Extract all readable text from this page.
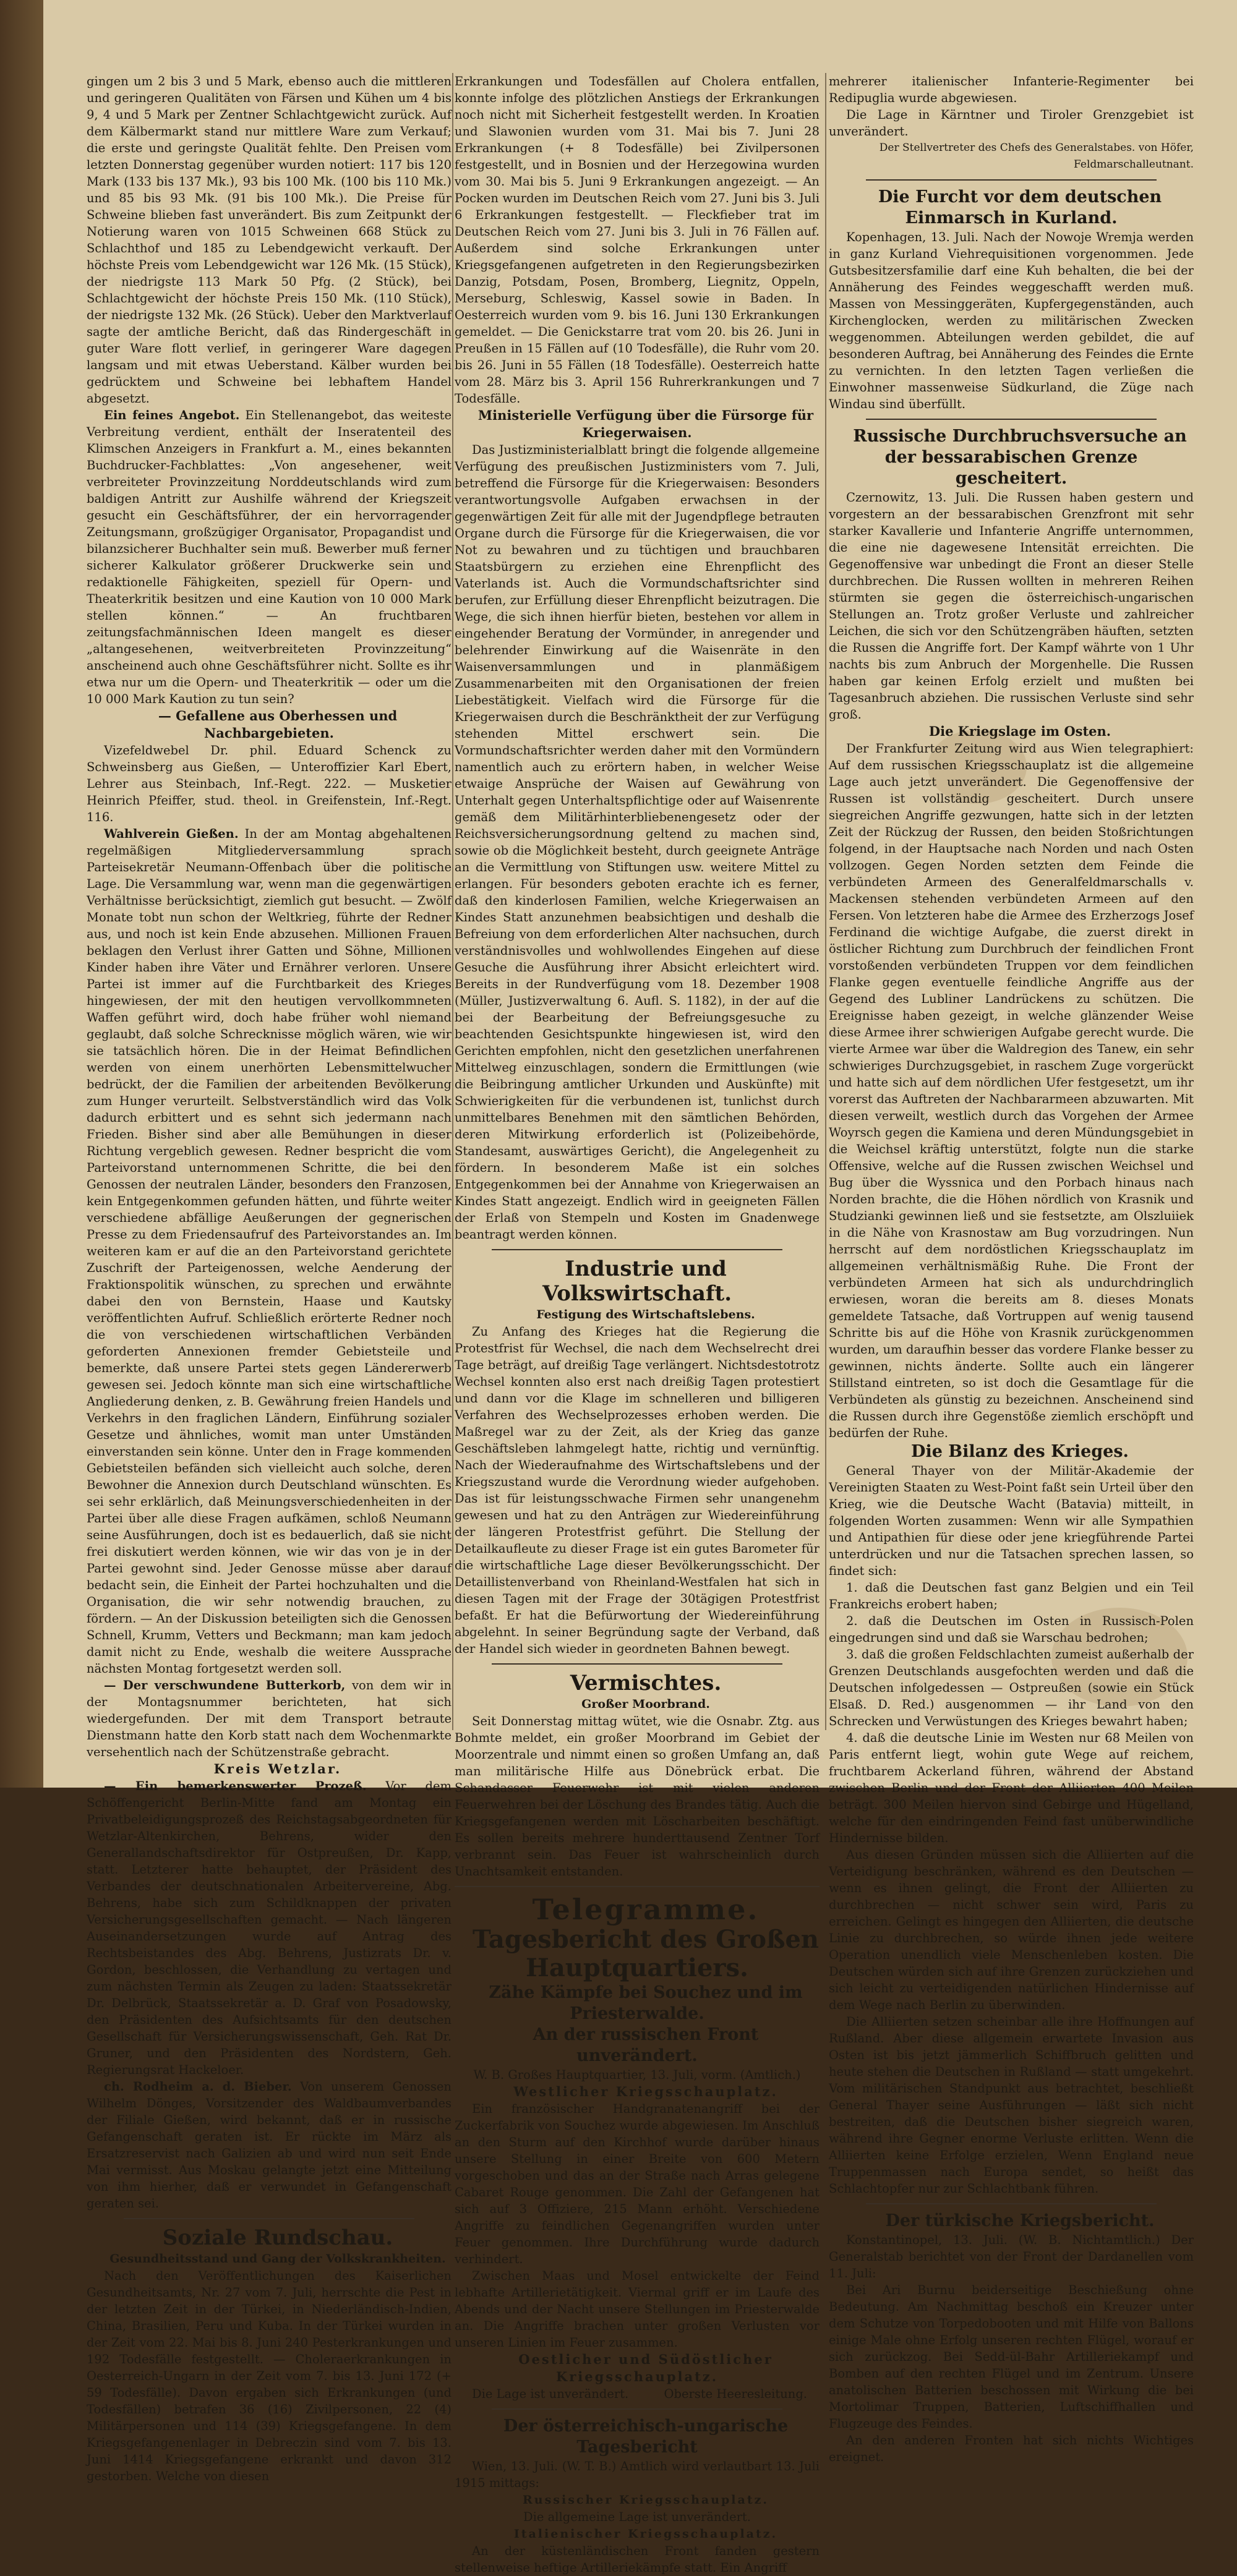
gingen um 2 bis 3 und 5 Mark, ebenso auch die mittleren und geringeren Qualitäten von Färsen und Kühen um 4 bis 9, 4 und 5 Mark per Zentner Schlachtgewicht zurück. Auf dem Kälbermarkt stand nur mittlere Ware zum Verkauf; die erste und geringste Qualität fehlte. Den Preisen vom letzten Donnerstag gegenüber wurden notiert: 117 bis 120 Mark (133 bis 137 Mk.), 93 bis 100 Mk. (100 bis 110 Mk.) und 85 bis 93 Mk. (91 bis 100 Mk.). Die Preise für Schweine blieben fast unverändert. Bis zum Zeitpunkt der Notierung waren von 1015 Schweinen 668 Stück zu Schlachthof und 185 zu Lebendgewicht verkauft. Der höchste Preis vom Lebendgewicht war 126 Mk. (15 Stück), der niedrigste 113 Mark 50 Pfg. (2 Stück), bei Schlachtgewicht der höchste Preis 150 Mk. (110 Stück), der niedrigste 132 Mk. (26 Stück). Ueber den Marktverlauf sagte der amtliche Bericht, daß das Rindergeschäft in guter Ware flott verlief, in geringerer Ware dagegen langsam und mit etwas Ueberstand. Kälber wurden bei gedrücktem und Schweine bei lebhaftem Handel abgesetzt.

Ein feines Angebot. Ein Stellenangebot, das weiteste Verbreitung verdient, enthält der Inseratenteil des Klimschen Anzeigers in Frankfurt a. M., eines bekannten Buchdrucker-Fachblattes: „Von angesehener, weit verbreiteter Provinzzeitung Norddeutschlands wird zum baldigen Antritt zur Aushilfe während der Kriegszeit gesucht ein Geschäftsführer, der ein hervorragender Zeitungsmann, großzügiger Organisator, Propagandist und bilanzsicherer Buchhalter sein muß. Bewerber muß ferner sicherer Kalkulator größerer Druckwerke sein und redaktionelle Fähigkeiten, speziell für Opern- und Theaterkritik besitzen und eine Kaution von 10 000 Mark stellen können.“ — An fruchtbaren zeitungsfachmännischen Ideen mangelt es dieser „altangesehenen, weitverbreiteten Provinzzeitung“ anscheinend auch ohne Geschäftsführer nicht. Sollte es ihr etwa nur um die Opern- und Theaterkritik — oder um die 10 000 Mark Kaution zu tun sein?

— Gefallene aus Oberhessen und Nachbargebieten.

Vizefeldwebel Dr. phil. Eduard Schenck zu Schweinsberg aus Gießen, — Unteroffizier Karl Ebert, Lehrer aus Steinbach, Inf.-Regt. 222. — Musketier Heinrich Pfeiffer, stud. theol. in Greifenstein, Inf.-Regt. 116.

Wahlverein Gießen. In der am Montag abgehaltenen regelmäßigen Mitgliederversammlung sprach Parteisekretär Neumann-Offenbach über die politische Lage. Die Versammlung war, wenn man die gegenwärtigen Verhältnisse berücksichtigt, ziemlich gut besucht. — Zwölf Monate tobt nun schon der Weltkrieg, führte der Redner aus, und noch ist kein Ende abzusehen. Millionen Frauen beklagen den Verlust ihrer Gatten und Söhne, Millionen Kinder haben ihre Väter und Ernährer verloren. Unsere Partei ist immer auf die Furchtbarkeit des Krieges hingewiesen, der mit den heutigen vervollkommneten Waffen geführt wird, doch habe früher wohl niemand geglaubt, daß solche Schrecknisse möglich wären, wie wir sie tatsächlich hören. Die in der Heimat Befindlichen werden von einem unerhörten Lebensmittelwucher bedrückt, der die Familien der arbeitenden Bevölkerung zum Hunger verurteilt. Selbstverständlich wird das Volk dadurch erbittert und es sehnt sich jedermann nach Frieden. Bisher sind aber alle Bemühungen in dieser Richtung vergeblich gewesen. Redner bespricht die vom Parteivorstand unternommenen Schritte, die bei den Genossen der neutralen Länder, besonders den Franzosen, kein Entgegenkommen gefunden hätten, und führte weiter verschiedene abfällige Aeußerungen der gegnerischen Presse zu dem Friedensaufruf des Parteivorstandes an. Im weiteren kam er auf die an den Parteivorstand gerichtete Zuschrift der Parteigenossen, welche Aenderung der Fraktionspolitik wünschen, zu sprechen und erwähnte dabei den von Bernstein, Haase und Kautsky veröffentlichten Aufruf. Schließlich erörterte Redner noch die von verschiedenen wirtschaftlichen Verbänden geforderten Annexionen fremder Gebietsteile und bemerkte, daß unsere Partei stets gegen Ländererwerb gewesen sei. Jedoch könnte man sich eine wirtschaftliche Angliederung denken, z. B. Gewährung freien Handels und Verkehrs in den fraglichen Ländern, Einführung sozialer Gesetze und ähnliches, womit man unter Umständen einverstanden sein könne. Unter den in Frage kommenden Gebietsteilen befänden sich vielleicht auch solche, deren Bewohner die Annexion durch Deutschland wünschten. Es sei sehr erklärlich, daß Meinungsverschiedenheiten in der Partei über alle diese Fragen aufkämen, schloß Neumann seine Ausführungen, doch ist es bedauerlich, daß sie nicht frei diskutiert werden können, wie wir das von je in der Partei gewohnt sind. Jeder Genosse müsse aber darauf bedacht sein, die Einheit der Partei hochzuhalten und die Organisation, die wir sehr notwendig brauchen, zu fördern. — An der Diskussion beteiligten sich die Genossen Schnell, Krumm, Vetters und Beckmann; man kam jedoch damit nicht zu Ende, weshalb die weitere Aussprache nächsten Montag fortgesetzt werden soll.

— Der verschwundene Butterkorb, von dem wir in der Montagsnummer berichteten, hat sich wiedergefunden. Der mit dem Transport betraute Dienstmann hatte den Korb statt nach dem Wochenmarkte versehentlich nach der Schützenstraße gebracht.

Kreis Wetzlar.

— Ein bemerkenswerter Prozeß. Vor dem Schöffengericht Berlin-Mitte fand am Montag ein Privatbeleidigungsprozeß des Reichstagsabgeordneten für Wetzlar-Altenkirchen, Behrens, wider den Generallandschaftsdirektor für Ostpreußen, Dr. Kapp, statt. Letzterer hatte behauptet, der Präsident des Verbandes der deutschnationalen Arbeitervereine, Abg. Behrens, habe sich zum Schildknappen der privaten Versicherungsgesellschaften gemacht. — Nach längeren Auseinandersetzungen wurde auf Antrag des Rechtsbeistandes des Abg. Behrens, Justizrats Dr. v. Gordon, beschlossen, die Verhandlung zu vertagen und zum nächsten Termin als Zeugen zu laden: Staatssekretär Dr. Delbrück, Staatssekretär a. D. Graf von Posadowsky, den Präsidenten des Aufsichtsamts für den deutschen Gesellschaft für Versicherungswissenschaft, Geh. Rat Dr. Gruner, und den Präsidenten des Nordstern, Geh. Regierungsrat Hackeloer.

ch. Rodheim a. d. Bieber. Von unserem Genossen Wilhelm Dönges, Vorsitzender des Waldbaumverbandes der Filiale Gießen, wird bekannt, daß er in russische Gefangenschaft geraten ist. Er rückte im März als Ersatzreservist nach Galizien ab und wird nun seit Ende Mai vermisst. Aus Moskau gelangte jetzt eine Mitteilung von ihm hierher, daß er verwundet in Gefangenschaft geraten sei.

Soziale Rundschau.

Gesundheitsstand und Gang der Volkskrankheiten.

Nach den Veröffentlichungen des Kaiserlichen Gesundheitsamts, Nr. 27 vom 7. Juli, herrschte die Pest in der letzten Zeit in der Türkei, in Niederländisch-Indien, China, Brasilien, Peru und Kuba. In der Türkei wurden in der Zeit vom 22. Mai bis 8. Juni 240 Pesterkrankungen und 192 Todesfälle festgestellt. — Choleraerkrankungen in Oesterreich-Ungarn in der Zeit vom 7. bis 13. Juni 172 (+ 59 Todesfälle). Davon ergaben sich Erkrankungen (und Todesfällen) betrafen 36 (16) Zivilpersonen, 22 (4) Militärpersonen und 114 (39) Kriegsgefangene. In dem Kriegsgefangenenlager in Debreczin sind vom 7. bis 13. Juni 1414 Kriegsgefangene erkrankt und davon 312 gestorben. Welche von diesen

Erkrankungen und Todesfällen auf Cholera entfallen, konnte infolge des plötzlichen Anstiegs der Erkrankungen noch nicht mit Sicherheit festgestellt werden. In Kroatien und Slawonien wurden vom 31. Mai bis 7. Juni 28 Erkrankungen (+ 8 Todesfälle) bei Zivilpersonen festgestellt, und in Bosnien und der Herzegowina wurden vom 30. Mai bis 5. Juni 9 Erkrankungen angezeigt. — An Pocken wurden im Deutschen Reich vom 27. Juni bis 3. Juli 6 Erkrankungen festgestellt. — Fleckfieber trat im Deutschen Reich vom 27. Juni bis 3. Juli in 76 Fällen auf. Außerdem sind solche Erkrankungen unter Kriegsgefangenen aufgetreten in den Regierungsbezirken Danzig, Potsdam, Posen, Bromberg, Liegnitz, Oppeln, Merseburg, Schleswig, Kassel sowie in Baden. In Oesterreich wurden vom 9. bis 16. Juni 130 Erkrankungen gemeldet. — Die Genickstarre trat vom 20. bis 26. Juni in Preußen in 15 Fällen auf (10 Todesfälle), die Ruhr vom 20. bis 26. Juni in 55 Fällen (18 Todesfälle). Oesterreich hatte vom 28. März bis 3. April 156 Ruhrerkrankungen und 7 Todesfälle.

Ministerielle Verfügung über die Fürsorge für Kriegerwaisen.

Das Justizministerialblatt bringt die folgende allgemeine Verfügung des preußischen Justizministers vom 7. Juli, betreffend die Fürsorge für die Kriegerwaisen: Besonders verantwortungsvolle Aufgaben erwachsen in der gegenwärtigen Zeit für alle mit der Jugendpflege betrauten Organe durch die Fürsorge für die Kriegerwaisen, die vor Not zu bewahren und zu tüchtigen und brauchbaren Staatsbürgern zu erziehen eine Ehrenpflicht des Vaterlands ist. Auch die Vormundschaftsrichter sind berufen, zur Erfüllung dieser Ehrenpflicht beizutragen. Die Wege, die sich ihnen hierfür bieten, bestehen vor allem in eingehender Beratung der Vormünder, in anregender und belehrender Einwirkung auf die Waisenräte in den Waisenversammlungen und in planmäßigem Zusammenarbeiten mit den Organisationen der freien Liebestätigkeit. Vielfach wird die Fürsorge für die Kriegerwaisen durch die Beschränktheit der zur Verfügung stehenden Mittel erschwert sein. Die Vormundschaftsrichter werden daher mit den Vormündern namentlich auch zu erörtern haben, in welcher Weise etwaige Ansprüche der Waisen auf Gewährung von Unterhalt gegen Unterhaltspflichtige oder auf Waisenrente gemäß dem Militärhinterbliebenengesetz oder der Reichsversicherungsordnung geltend zu machen sind, sowie ob die Möglichkeit besteht, durch geeignete Anträge an die Vermittlung von Stiftungen usw. weitere Mittel zu erlangen. Für besonders geboten erachte ich es ferner, daß den kinderlosen Familien, welche Kriegerwaisen an Kindes Statt anzunehmen beabsichtigen und deshalb die Befreiung von dem erforderlichen Alter nachsuchen, durch verständnisvolles und wohlwollendes Eingehen auf diese Gesuche die Ausführung ihrer Absicht erleichtert wird. Bereits in der Rundverfügung vom 18. Dezember 1908 (Müller, Justizverwaltung 6. Aufl. S. 1182), in der auf die bei der Bearbeitung der Befreiungsgesuche zu beachtenden Gesichtspunkte hingewiesen ist, wird den Gerichten empfohlen, nicht den gesetzlichen unerfahrenen Mittelweg einzuschlagen, sondern die Ermittlungen (wie die Beibringung amtlicher Urkunden und Auskünfte) mit Schwierigkeiten für die verbundenen ist, tunlichst durch unmittelbares Benehmen mit den sämtlichen Behörden, deren Mitwirkung erforderlich ist (Polizeibehörde, Standesamt, auswärtiges Gericht), die Angelegenheit zu fördern. In besonderem Maße ist ein solches Entgegenkommen bei der Annahme von Kriegerwaisen an Kindes Statt angezeigt. Endlich wird in geeigneten Fällen der Erlaß von Stempeln und Kosten im Gnadenwege beantragt werden können.

Industrie und Volkswirtschaft.

Festigung des Wirtschaftslebens.

Zu Anfang des Krieges hat die Regierung die Protestfrist für Wechsel, die nach dem Wechselrecht drei Tage beträgt, auf dreißig Tage verlängert. Nichtsdestotrotz Wechsel konnten also erst nach dreißig Tagen protestiert und dann vor die Klage im schnelleren und billigeren Verfahren des Wechselprozesses erhoben werden. Die Maßregel war zu der Zeit, als der Krieg das ganze Geschäftsleben lahmgelegt hatte, richtig und vernünftig. Nach der Wiederaufnahme des Wirtschaftslebens und der Kriegszustand wurde die Verordnung wieder aufgehoben. Das ist für leistungsschwache Firmen sehr unangenehm gewesen und hat zu den Anträgen zur Wiedereinführung der längeren Protestfrist geführt. Die Stellung der Detailkaufleute zu dieser Frage ist ein gutes Barometer für die wirtschaftliche Lage dieser Bevölkerungsschicht. Der Detaillistenverband von Rheinland-Westfalen hat sich in diesen Tagen mit der Frage der 30tägigen Protestfrist befaßt. Er hat die Befürwortung der Wiedereinführung abgelehnt. In seiner Begründung sagte der Verband, daß der Handel sich wieder in geordneten Bahnen bewegt.

Vermischtes.

Großer Moorbrand.

Seit Donnerstag mittag wütet, wie die Osnabr. Ztg. aus Bohmte meldet, ein großer Moorbrand im Gebiet der Moorzentrale und nimmt einen so großen Umfang an, daß man militärische Hilfe aus Dönebrück erbat. Die Schandasser Feuerwehr ist mit vielen anderen Feuerwehren bei der Löschung des Brandes tätig. Auch die Kriegsgefangenen werden mit Löscharbeiten beschäftigt. Es sollen bereits mehrere hunderttausend Zentner Torf verbrannt sein. Das Feuer ist wahrscheinlich durch Unachtsamkeit entstanden.

Telegramme.

Tagesbericht des Großen Hauptquartiers.

Zähe Kämpfe bei Souchez und im Priesterwalde.

An der russischen Front unverändert.

W. B. Großes Hauptquartier, 13. Juli, vorm. (Amtlich.)

Westlicher Kriegsschauplatz.

Ein französischer Handgranatenangriff bei der Zuckerfabrik von Souchez wurde abgewiesen. Im Anschluß an den Sturm auf den Kirchhof wurde darüber hinaus unsere Stellung in einer Breite von 600 Metern vorgeschoben und das an der Straße nach Arras gelegene Cabaret Rouge genommen. Die Zahl der Gefangenen hat sich auf 3 Offiziere, 215 Mann erhöht. Verschiedene Angriffe zu feindlichen Gegenangriffen wurden unter Feuer genommen. Ihre Durchführung wurde dadurch verhindert.

Zwischen Maas und Mosel entwickelte der Feind lebhafte Artillerietätigkeit. Viermal griff er im Laufe des Abends und der Nacht unsere Stellungen im Priesterwalde an. Die Angriffe brachen unter großen Verlusten vor unseren Linien im Feuer zusammen.

Oestlicher und Südöstlicher Kriegsschauplatz.

Die Lage ist unverändert.	Oberste Heeresleitung.

Der österreichisch-ungarische Tagesbericht

Wien, 13. Juli. (W. T. B.) Amtlich wird verlautbart 13. Juli 1915 mittags:

Russischer Kriegsschauplatz.

Die allgemeine Lage ist unverändert.

Italienischer Kriegsschauplatz.

An der küstenländischen Front fanden gestern stellenweise heftige Artilleriekämpfe statt. Ein Angriff

mehrerer italienischer Infanterie-Regimenter bei Redipuglia wurde abgewiesen.

Die Lage in Kärntner und Tiroler Grenzgebiet ist unverändert.

Der Stellvertreter des Chefs des Generalstabes. von Höfer, Feldmarschalleutnant.

Die Furcht vor dem deutschen Einmarsch in Kurland.

Kopenhagen, 13. Juli. Nach der Nowoje Wremja werden in ganz Kurland Viehrequisitionen vorgenommen. Jede Gutsbesitzersfamilie darf eine Kuh behalten, die bei der Annäherung des Feindes weggeschafft werden muß. Massen von Messinggeräten, Kupfergegenständen, auch Kirchenglocken, werden zu militärischen Zwecken weggenommen. Abteilungen werden gebildet, die auf besonderen Auftrag, bei Annäherung des Feindes die Ernte zu vernichten. In den letzten Tagen verließen die Einwohner massenweise Südkurland, die Züge nach Windau sind überfüllt.

Russische Durchbruchsversuche an der bessarabischen Grenze gescheitert.

Czernowitz, 13. Juli. Die Russen haben gestern und vorgestern an der bessarabischen Grenzfront mit sehr starker Kavallerie und Infanterie Angriffe unternommen, die eine nie dagewesene Intensität erreichten. Die Gegenoffensive war unbedingt die Front an dieser Stelle durchbrechen. Die Russen wollten in mehreren Reihen stürmten sie gegen die österreichisch-ungarischen Stellungen an. Trotz großer Verluste und zahlreicher Leichen, die sich vor den Schützengräben häuften, setzten die Russen die Angriffe fort. Der Kampf währte von 1 Uhr nachts bis zum Anbruch der Morgenhelle. Die Russen haben gar keinen Erfolg erzielt und mußten bei Tagesanbruch abziehen. Die russischen Verluste sind sehr groß.

Die Kriegslage im Osten.

Der Frankfurter Zeitung wird aus Wien telegraphiert: Auf dem russischen Kriegsschauplatz ist die allgemeine Lage auch jetzt unverändert. Die Gegenoffensive der Russen ist vollständig gescheitert. Durch unsere siegreichen Angriffe gezwungen, hatte sich in der letzten Zeit der Rückzug der Russen, den beiden Stoßrichtungen folgend, in der Hauptsache nach Norden und nach Osten vollzogen. Gegen Norden setzten dem Feinde die verbündeten Armeen des Generalfeldmarschalls v. Mackensen stehenden verbündeten Armeen auf den Fersen. Von letzteren habe die Armee des Erzherzogs Josef Ferdinand die wichtige Aufgabe, die zuerst direkt in östlicher Richtung zum Durchbruch der feindlichen Front vorstoßenden verbündeten Truppen vor dem feindlichen Flanke gegen eventuelle feindliche Angriffe aus der Gegend des Lubliner Landrückens zu schützen. Die Ereignisse haben gezeigt, in welche glänzender Weise diese Armee ihrer schwierigen Aufgabe gerecht wurde. Die vierte Armee war über die Waldregion des Tanew, ein sehr schwieriges Durchzugsgebiet, in raschem Zuge vorgerückt und hatte sich auf dem nördlichen Ufer festgesetzt, um ihr vorerst das Auftreten der Nachbararmeen abzuwarten. Mit diesen verweilt, westlich durch das Vorgehen der Armee Woyrsch gegen die Kamiena und deren Mündungsgebiet in die Weichsel kräftig unterstützt, folgte nun die starke Offensive, welche auf die Russen zwischen Weichsel und Bug über die Wyssnica und den Porbach hinaus nach Norden brachte, die die Höhen nördlich von Krasnik und Studzianki gewinnen ließ und sie festsetzte, am Olszluiiek in die Nähe von Krasnostaw am Bug vorzudringen. Nun herrscht auf dem nordöstlichen Kriegsschauplatz im allgemeinen verhältnismäßig Ruhe. Die Front der verbündeten Armeen hat sich als undurchdringlich erwiesen, woran die bereits am 8. dieses Monats gemeldete Tatsache, daß Vortruppen auf wenig tausend Schritte bis auf die Höhe von Krasnik zurückgenommen wurden, um daraufhin besser das vordere Flanke besser zu gewinnen, nichts änderte. Sollte auch ein längerer Stillstand eintreten, so ist doch die Gesamtlage für die Verbündeten als günstig zu bezeichnen. Anscheinend sind die Russen durch ihre Gegenstöße ziemlich erschöpft und bedürfen der Ruhe.

Die Bilanz des Krieges.

General Thayer von der Militär-Akademie der Vereinigten Staaten zu West-Point faßt sein Urteil über den Krieg, wie die Deutsche Wacht (Batavia) mitteilt, in folgenden Worten zusammen: Wenn wir alle Sympathien und Antipathien für diese oder jene kriegführende Partei unterdrücken und nur die Tatsachen sprechen lassen, so findet sich:

1. daß die Deutschen fast ganz Belgien und ein Teil Frankreichs erobert haben;

2. daß die Deutschen im Osten in Russisch-Polen eingedrungen sind und daß sie Warschau bedrohen;

3. daß die großen Feldschlachten zumeist außerhalb der Grenzen Deutschlands ausgefochten werden und daß die Deutschen infolgedessen — Ostpreußen (sowie ein Stück Elsaß. D. Red.) ausgenommen — ihr Land von den Schrecken und Verwüstungen des Krieges bewahrt haben;

4. daß die deutsche Linie im Westen nur 68 Meilen von Paris entfernt liegt, wohin gute Wege auf reichem, fruchtbarem Ackerland führen, während der Abstand zwischen Berlin und der Front der Alliierten 400 Meilen beträgt. 300 Meilen hiervon sind Gebirge und Hügelland, welche für den eindringenden Feind fast unüberwindliche Hindernisse bilden.

Aus diesen Gründen müssen sich die Alliierten auf die Verteidigung beschränken, während es den Deutschen — wenn es ihnen gelingt, die Front der Alliierten zu durchbrechen — nicht schwer sein wird, Paris zu erreichen. Gelingt es hingegen den Alliierten, die deutsche Linie zu durchbrechen, so würde ihnen jede weitere Operation unendlich viele Menschenleben kosten. Die Deutschen würden sich auf ihre Grenzen zurückziehen und sich leicht zu verteidigenden natürlichen Hindernisse auf dem Wege nach Berlin zu überwinden.

Die Alliierten setzen scheinbar alle ihre Hoffnungen auf Rußland. Aber diese allgemein erwartete Invasion aus Osten ist bis jetzt jämmerlich Schiffbruch gelitten und heute stehen die Deutschen in Rußland — statt umgekehrt. Vom militärischen Standpunkt aus betrachtet, beschließt General Thayer seine Ausführungen — läßt sich nicht bestreiten, daß die Deutschen bisher siegreich waren, während ihre Gegner enorme Verluste erlitten. Wenn die Alliierten keine Erfolge erzielen, Wenn England neue Truppenmassen nach Europa sendet, so heißt das Schlachtopfer nur zur Schlachtbank führen.

Der türkische Kriegsbericht.

Konstantinopel, 13. Juli. (W. B. Nichtamtlich.) Der Generalstab berichtet von der Front der Dardanellen vom 11. Juli:

Bei Ari Burnu beiderseitige Beschießung ohne Bedeutung. Am Nachmittag beschoß ein Kreuzer unter dem Schutze von Torpedobooten und mit Hilfe von Ballons einige Male ohne Erfolg unseren rechten Flügel, worauf er sich zurückzog. Bei Sedd-ül-Bahr Artilleriekampf und Bomben auf den rechten Flügel und im Zentrum. Unsere anatolischen Batterien beschossen mit Wirkung die bei Mortolimar Truppen, Batterien, Luftschiffhallen und Flugzeuge des Feindes.

An den anderen Fronten hat sich nichts Wichtiges ereignet.
